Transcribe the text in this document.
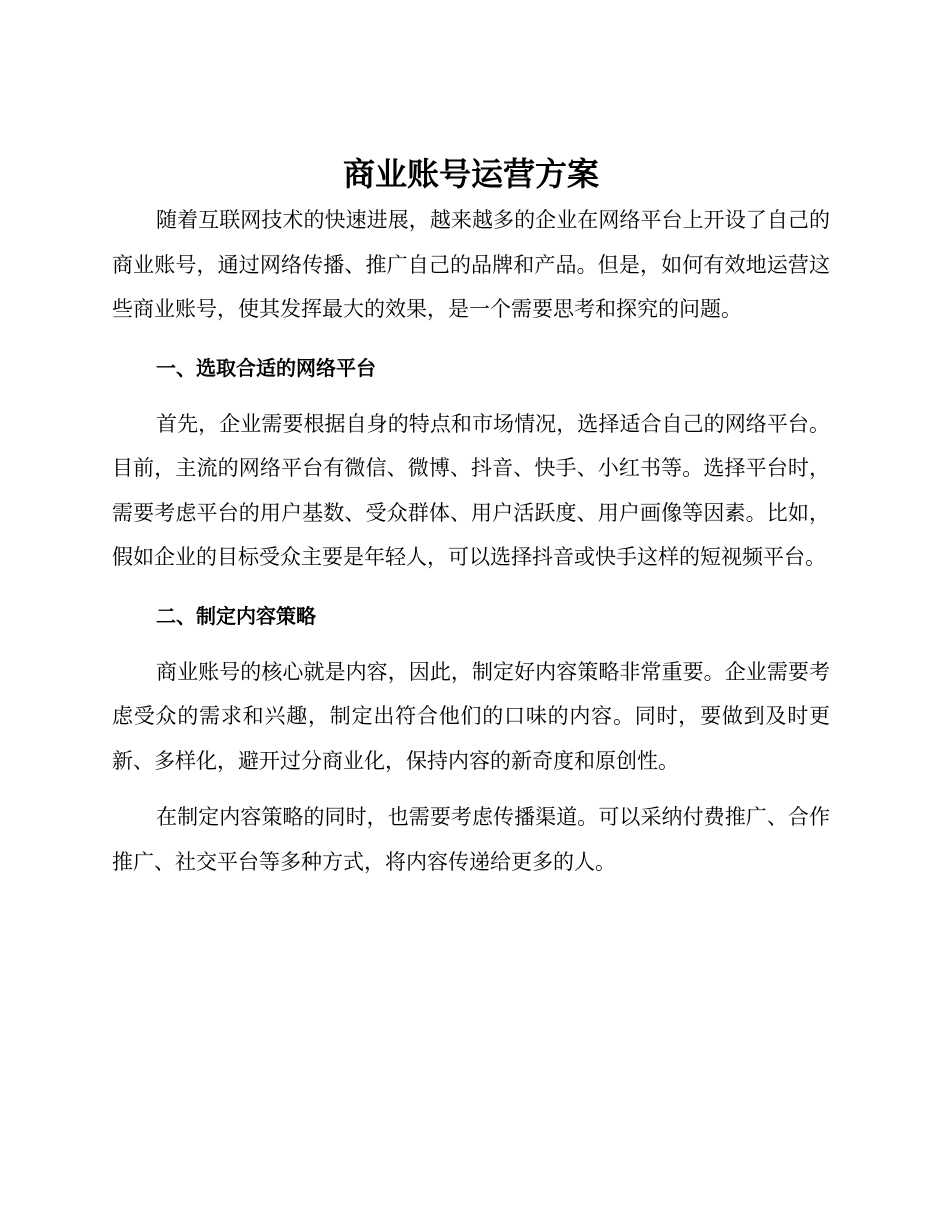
商业账号运营方案

随着互联网技术的快速进展，越来越多的企业在网络平台上开设了自己的商业账号，通过网络传播、推广自己的品牌和产品。但是，如何有效地运营这些商业账号，使其发挥最大的效果，是一个需要思考和探究的问题。

一、选取合适的网络平台

首先，企业需要根据自身的特点和市场情况，选择适合自己的网络平台。目前，主流的网络平台有微信、微博、抖音、快手、小红书等。选择平台时，需要考虑平台的用户基数、受众群体、用户活跃度、用户画像等因素。比如，假如企业的目标受众主要是年轻人，可以选择抖音或快手这样的短视频平台。

二、制定内容策略

商业账号的核心就是内容，因此，制定好内容策略非常重要。企业需要考虑受众的需求和兴趣，制定出符合他们的口味的内容。同时，要做到及时更新、多样化，避开过分商业化，保持内容的新奇度和原创性。

在制定内容策略的同时，也需要考虑传播渠道。可以采纳付费推广、合作推广、社交平台等多种方式，将内容传递给更多的人。
